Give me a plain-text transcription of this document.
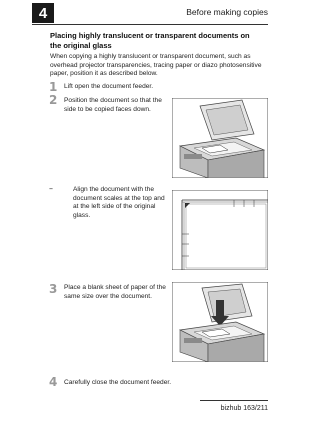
4	Before making copies
Placing highly translucent or transparent documents on the original glass
When copying a highly translucent or transparent document, such as overhead projector transparencies, tracing paper or diazo photosensitive paper, position it as described below.
1 Lift open the document feeder.
2 Position the document so that the side to be copied faces down.
–	Align the document with the document scales at the top and at the left side of the original glass.
3 Place a blank sheet of paper of the same size over the document.
4 Carefully close the document feeder.
bizhub 163/211
